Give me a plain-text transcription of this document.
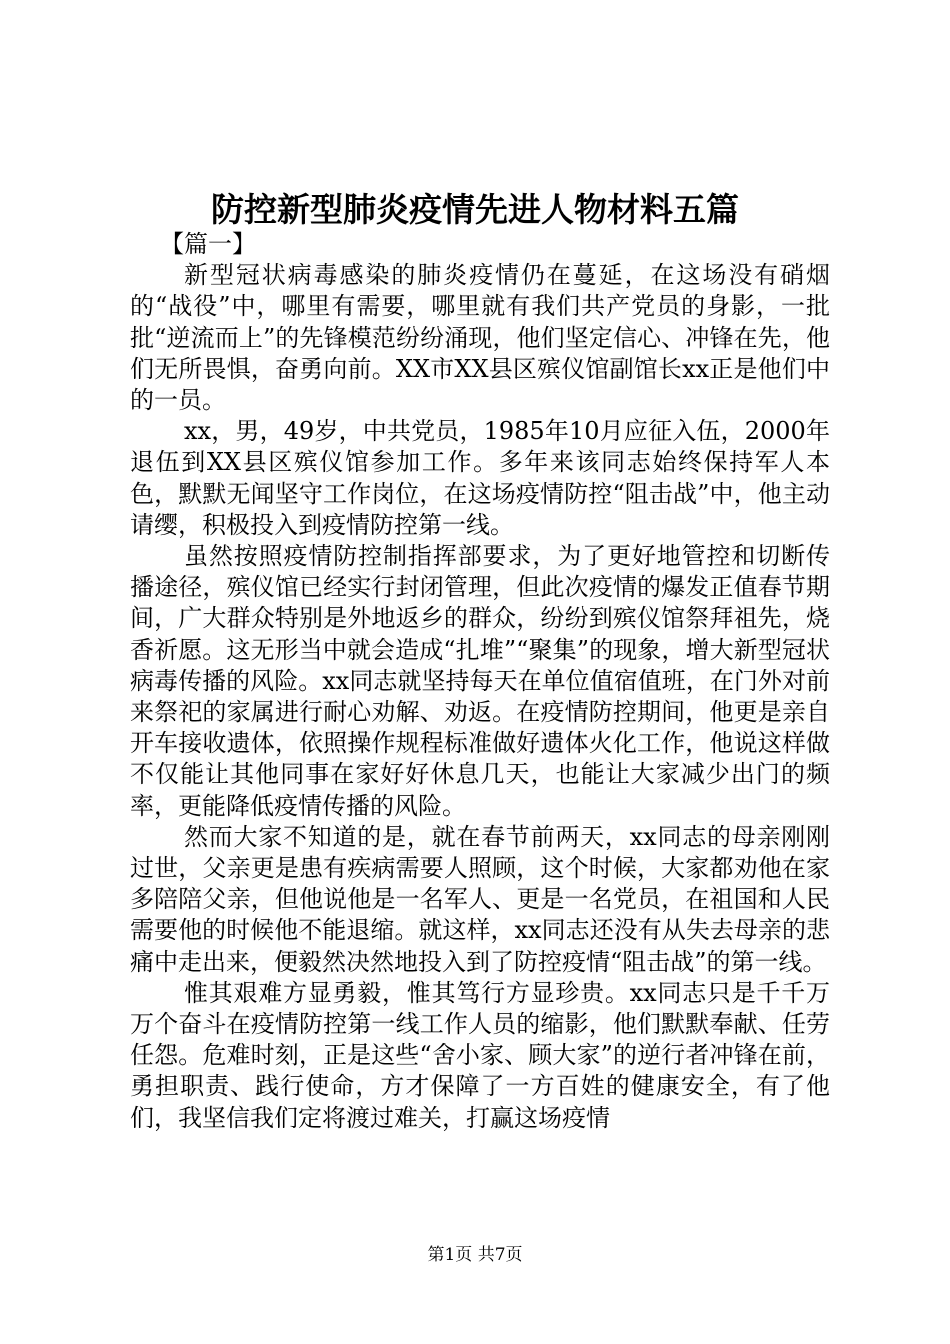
防控新型肺炎疫情先进人物材料五篇

【篇一】

新型冠状病毒感染的肺炎疫情仍在蔓延，在这场没有硝烟的“战役”中，哪里有需要，哪里就有我们共产党员的身影，一批批“逆流而上”的先锋模范纷纷涌现，他们坚定信心、冲锋在先，他们无所畏惧，奋勇向前。XX市XX县区殡仪馆副馆长xx正是他们中的一员。

xx，男，49岁，中共党员，1985年10月应征入伍，2000年退伍到XX县区殡仪馆参加工作。多年来该同志始终保持军人本色，默默无闻坚守工作岗位，在这场疫情防控“阻击战”中，他主动请缨，积极投入到疫情防控第一线。

虽然按照疫情防控制指挥部要求，为了更好地管控和切断传播途径，殡仪馆已经实行封闭管理，但此次疫情的爆发正值春节期间，广大群众特别是外地返乡的群众，纷纷到殡仪馆祭拜祖先，烧香祈愿。这无形当中就会造成“扎堆”“聚集”的现象，增大新型冠状病毒传播的风险。xx同志就坚持每天在单位值宿值班，在门外对前来祭祀的家属进行耐心劝解、劝返。在疫情防控期间，他更是亲自开车接收遗体，依照操作规程标准做好遗体火化工作，他说这样做不仅能让其他同事在家好好休息几天，也能让大家减少出门的频率，更能降低疫情传播的风险。

然而大家不知道的是，就在春节前两天，xx同志的母亲刚刚过世，父亲更是患有疾病需要人照顾，这个时候，大家都劝他在家多陪陪父亲，但他说他是一名军人、更是一名党员，在祖国和人民需要他的时候他不能退缩。就这样，xx同志还没有从失去母亲的悲痛中走出来，便毅然决然地投入到了防控疫情“阻击战”的第一线。

惟其艰难方显勇毅，惟其笃行方显珍贵。xx同志只是千千万万个奋斗在疫情防控第一线工作人员的缩影，他们默默奉献、任劳任怨。危难时刻，正是这些“舍小家、顾大家”的逆行者冲锋在前，勇担职责、践行使命，方才保障了一方百姓的健康安全，有了他们，我坚信我们定将渡过难关，打赢这场疫情

第1页 共7页
